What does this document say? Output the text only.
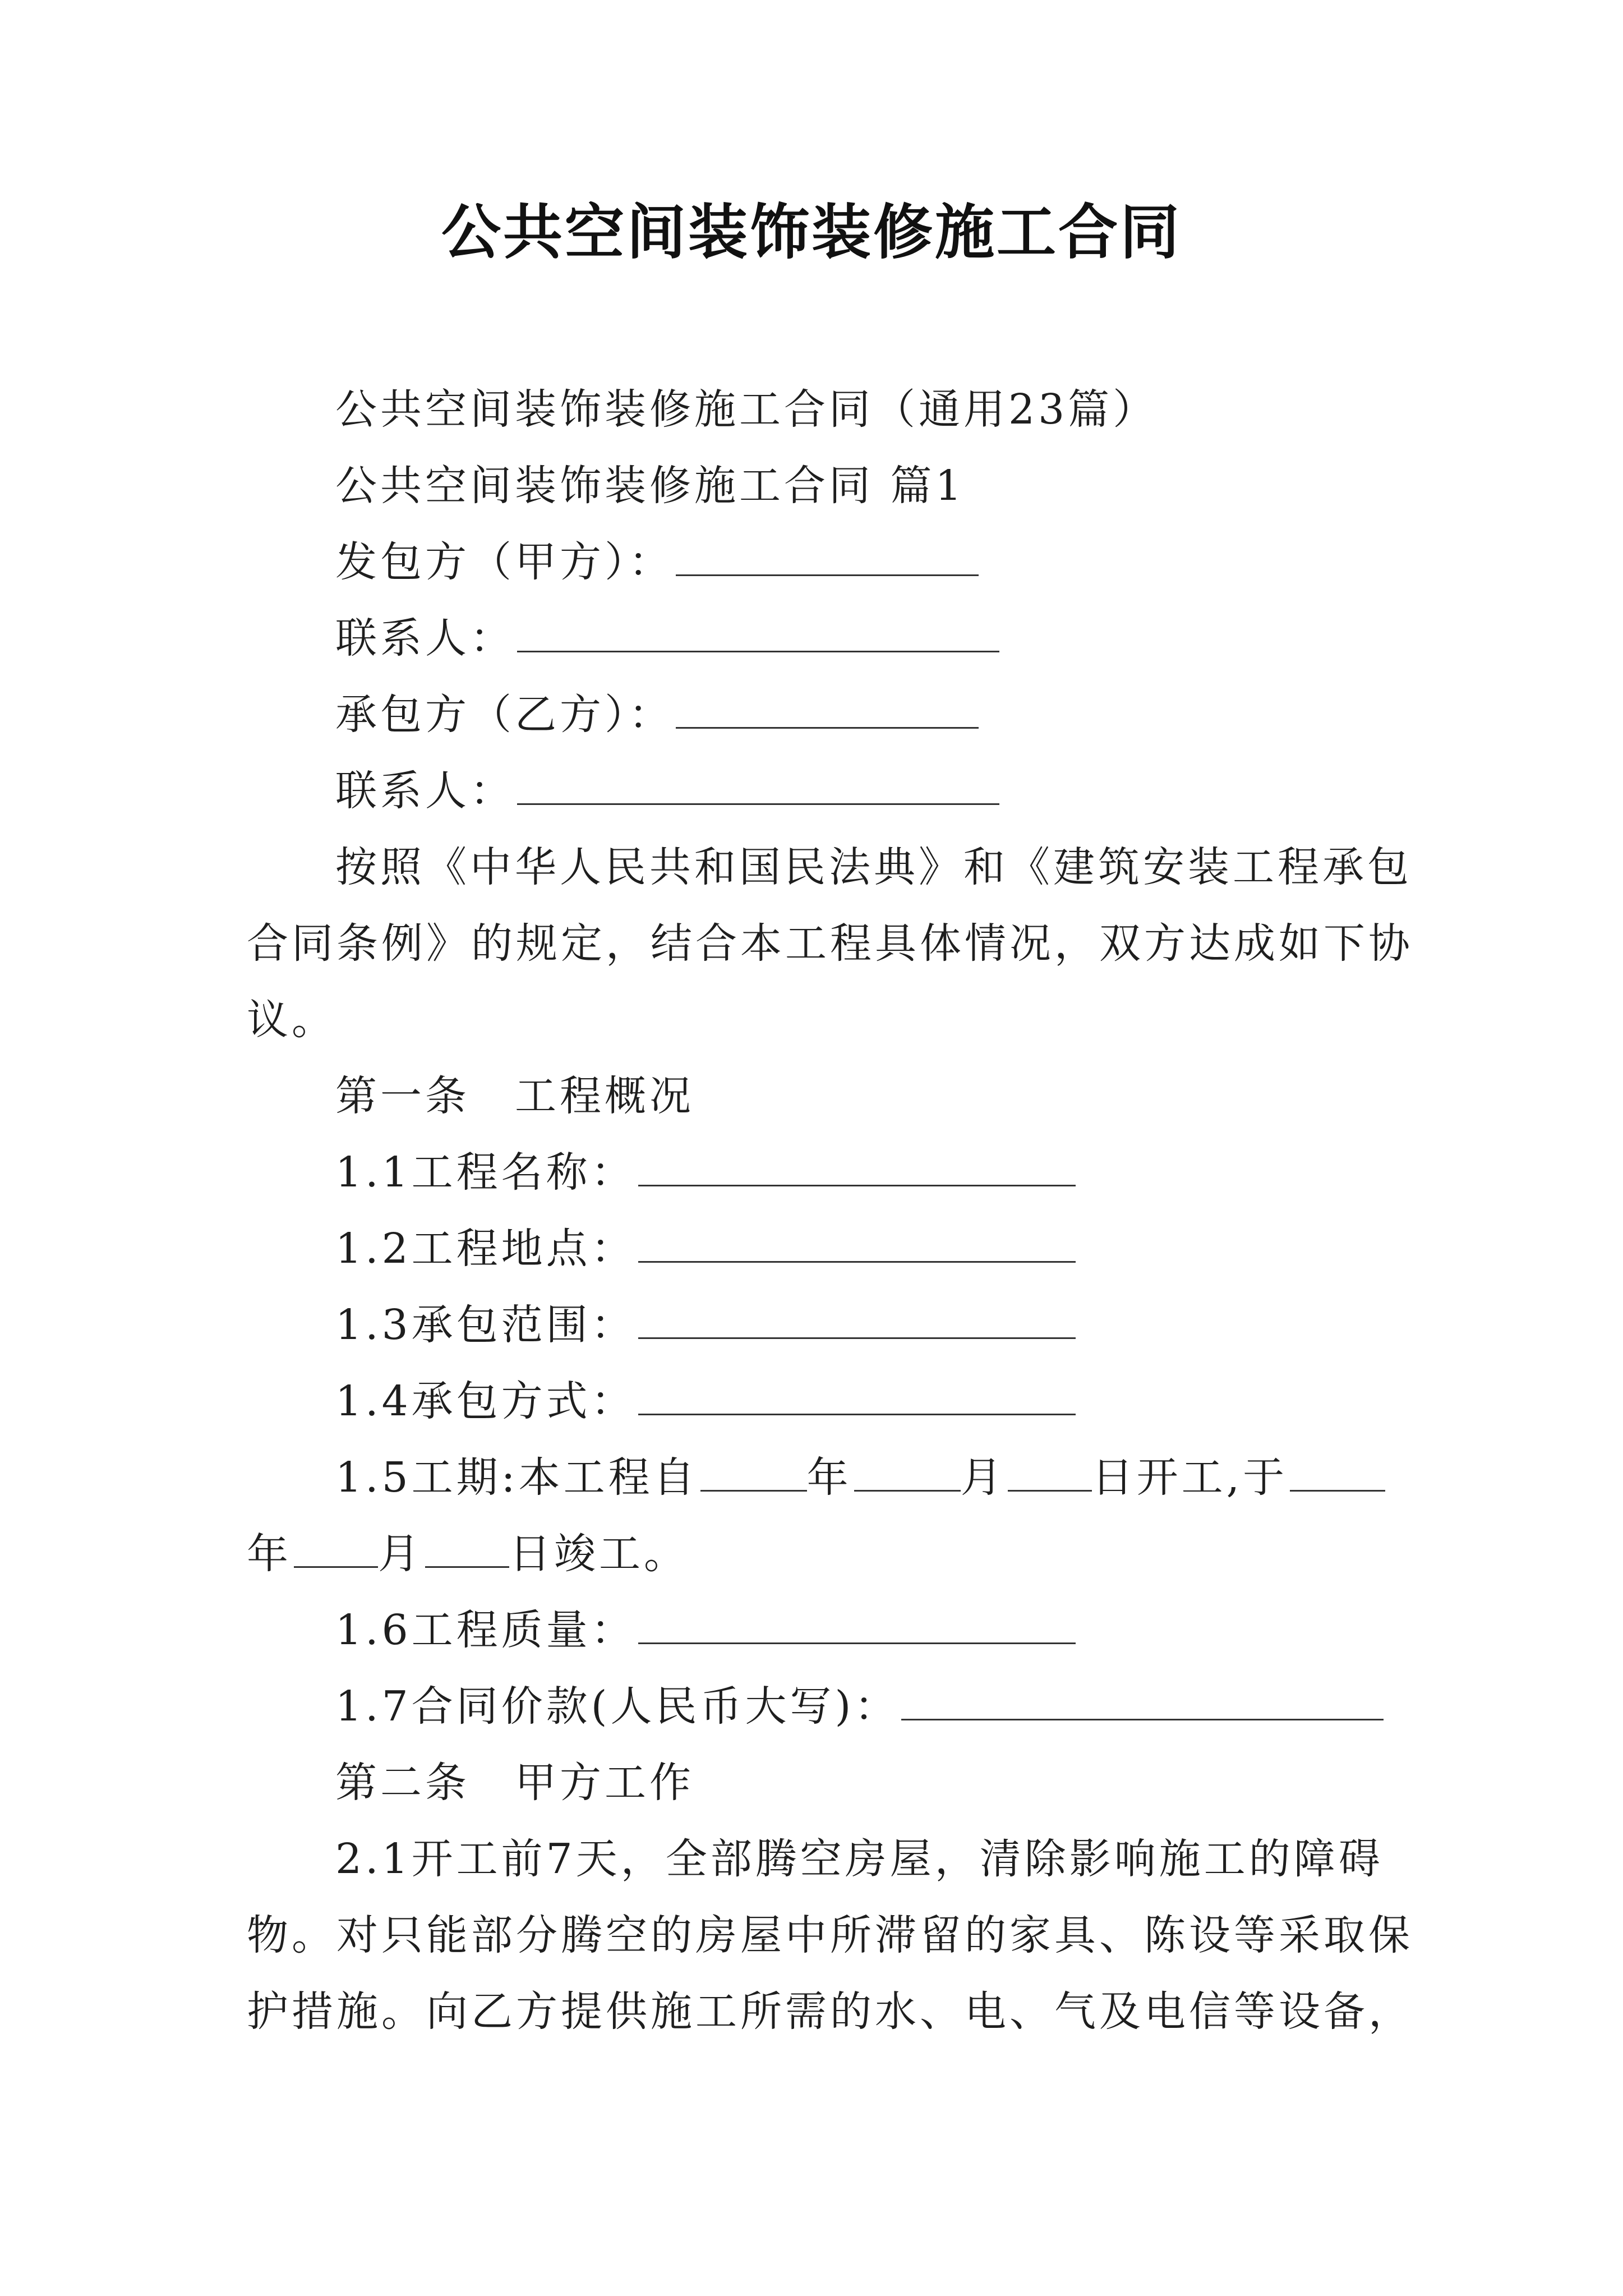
公共空间装饰装修施工合同
公共空间装饰装修施工合同（通用23篇）
公共空间装饰装修施工合同 篇1
发包方（甲方）：
联系人：
承包方（乙方）：
联系人：
按照《中华人民共和国民法典》和《建筑安装工程承包
合同条例》的规定，结合本工程具体情况，双方达成如下协
议。
第一条　工程概况
1.1工程名称：
1.2工程地点：
1.3承包范围：
1.4承包方式：
1.5工期:本工程自	年	月 日开工,于
年 月 日竣工。
1.6工程质量：
1.7合同价款(人民币大写)：
第二条　甲方工作
2.1开工前7天，全部腾空房屋，清除影响施工的障碍
物。对只能部分腾空的房屋中所滞留的家具、陈设等采取保
护措施。向乙方提供施工所需的水、电、气及电信等设备，
